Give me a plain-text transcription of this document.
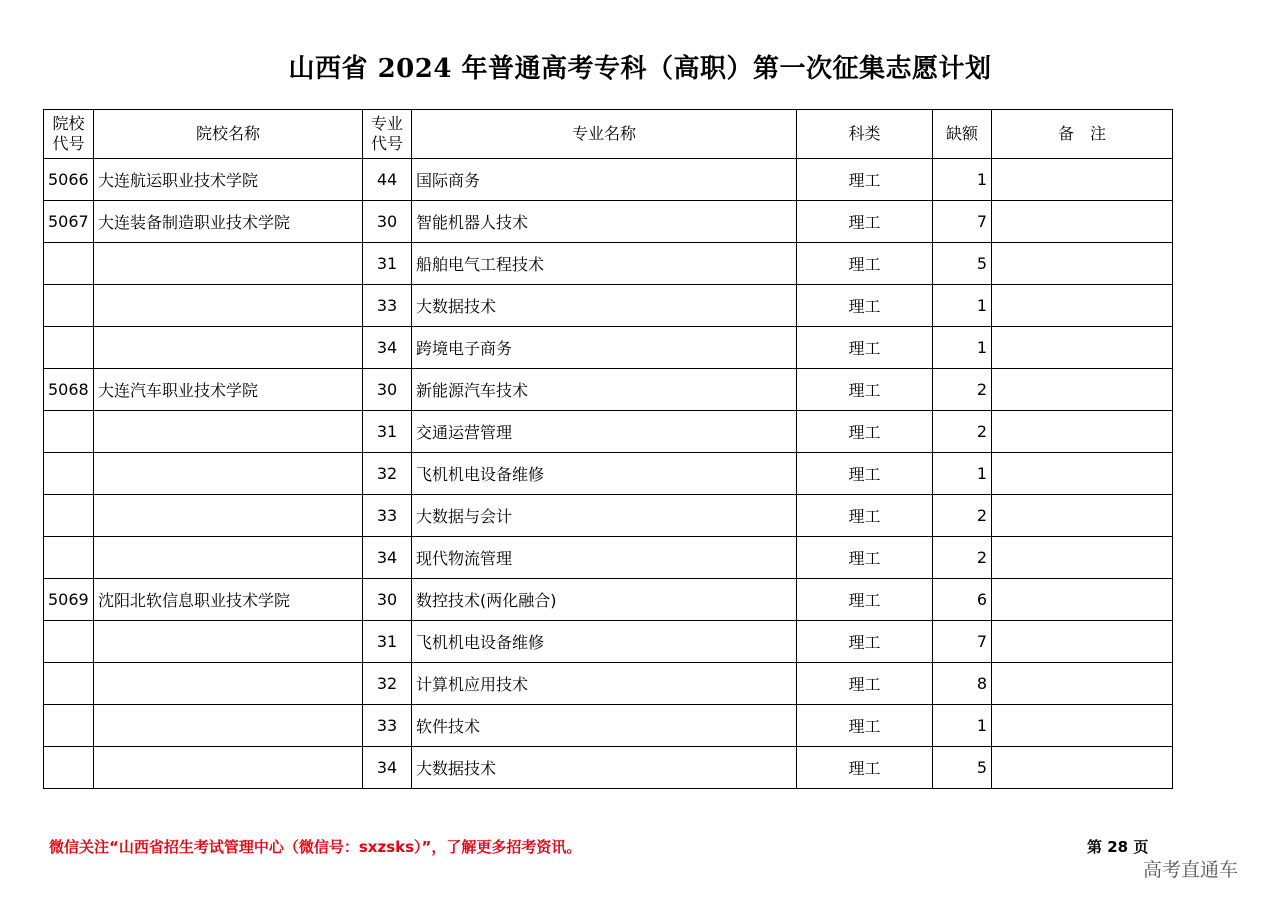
山西省 2024 年普通高考专科（高职）第一次征集志愿计划
院校代号	院校名称	专业代号	专业名称	科类	缺额	备　注
5066	大连航运职业技术学院	44	国际商务	理工	1	
5067	大连装备制造职业技术学院	30	智能机器人技术	理工	7	
		31	船舶电气工程技术	理工	5	
		33	大数据技术	理工	1	
		34	跨境电子商务	理工	1	
5068	大连汽车职业技术学院	30	新能源汽车技术	理工	2	
		31	交通运营管理	理工	2	
		32	飞机机电设备维修	理工	1	
		33	大数据与会计	理工	2	
		34	现代物流管理	理工	2	
5069	沈阳北软信息职业技术学院	30	数控技术(两化融合)	理工	6	
		31	飞机机电设备维修	理工	7	
		32	计算机应用技术	理工	8	
		33	软件技术	理工	1	
		34	大数据技术	理工	5	
微信关注“山西省招生考试管理中心（微信号：sxzsks）”，了解更多招考资讯。	第 28 页
高考直通车
